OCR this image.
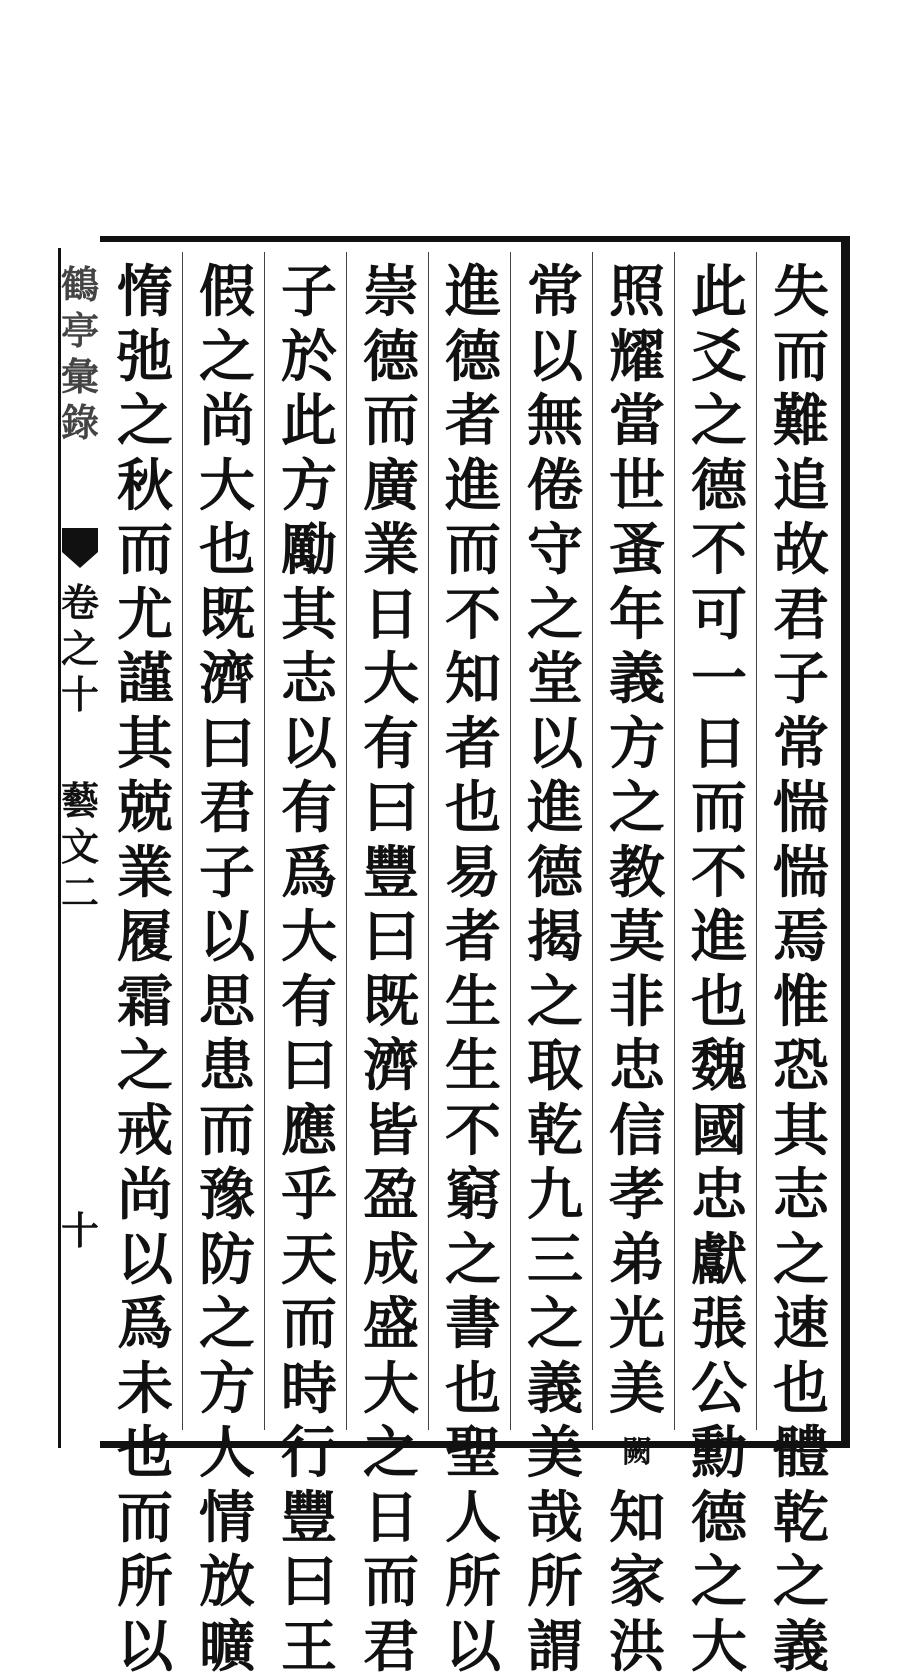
鶴
亭
彙
錄
卷
之
十
藝
文
二
十
失
而
難
追
故
君
子
常
惴
惴
焉
惟
恐
其
志
之
速
也
體
乾
之
義
此
爻
之
德
不
可
一
日
而
不
進
也
魏
國
忠
獻
張
公
勳
德
之
大
照
耀
當
世
蚤
年
義
方
之
教
莫
非
忠
信
孝
弟
光
美
闕
知
家
洪
常
以
無
倦
守
之
堂
以
進
德
揭
之
取
乾
九
三
之
義
美
哉
所
謂
進
德
者
進
而
不
知
者
也
易
者
生
生
不
窮
之
書
也
聖
人
所
以
崇
德
而
廣
業
日
大
有
曰
豐
曰
既
濟
皆
盈
成
盛
大
之
日
而
君
子
於
此
方
勵
其
志
以
有
爲
大
有
曰
應
乎
天
而
時
行
豐
曰
王
假
之
尚
大
也
既
濟
曰
君
子
以
思
患
而
豫
防
之
方
人
情
放
曠
惰
弛
之
秋
而
尤
謹
其
兢
業
履
霜
之
戒
尚
以
爲
未
也
而
所
以
